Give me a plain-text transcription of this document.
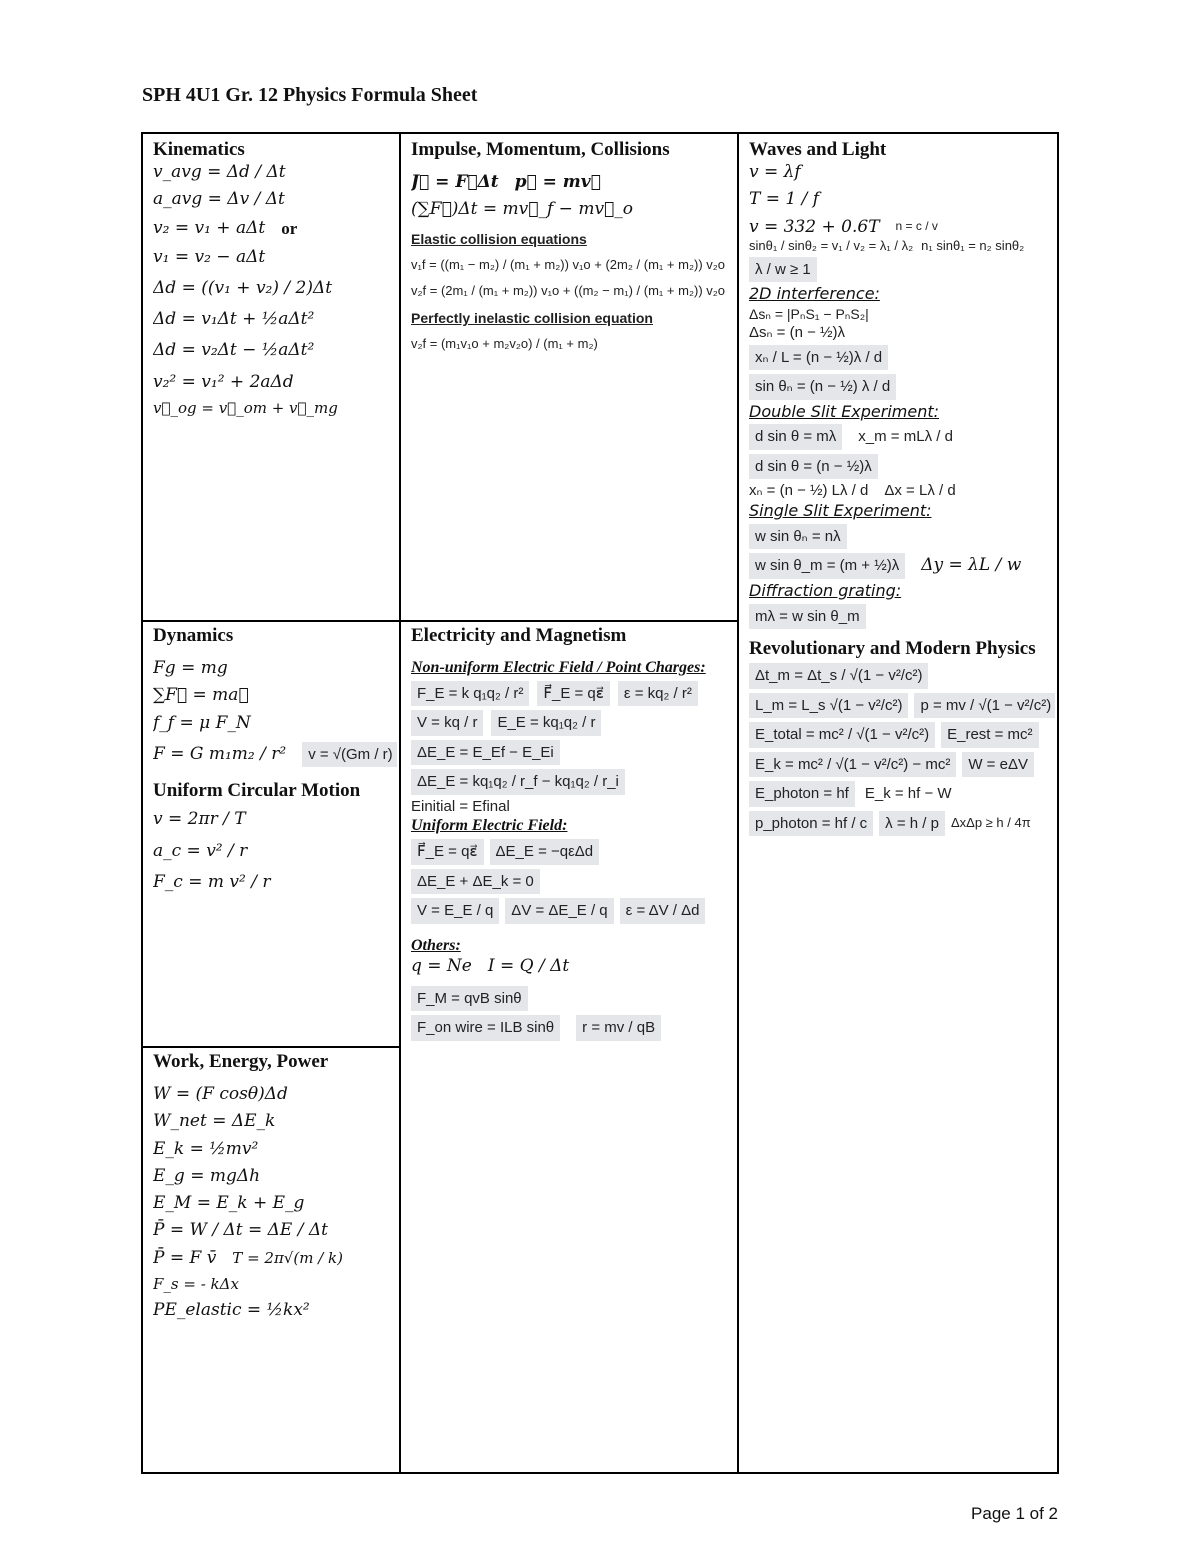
SPH 4U1 Gr. 12 Physics Formula Sheet
Kinematics
v_avg = Δd / Δt
a_avg = Δv / Δt
v₂ = v₁ + aΔt or
v₁ = v₂ − aΔt
Δd = ((v₁ + v₂) / 2)Δt
Δd = v₁Δt + ½aΔt²
Δd = v₂Δt − ½aΔt²
v₂² = v₁² + 2aΔd
v⃗_og = v⃗_om + v⃗_mg
Dynamics
Fg = mg
∑F⃗ = ma⃗
f_f = μ F_N
F = G m₁m₂ / r²	v = √(Gm / r)
Uniform Circular Motion
v = 2πr / T
a_c = v² / r
F_c = m v² / r
Work, Energy, Power
W = (F cosθ)Δd
W_net = ΔE_k
E_k = ½mv²
E_g = mgΔh
E_M = E_k + E_g
P̄ = W / Δt = ΔE / Δt
P̄ = F v̄ T = 2π√(m / k)
F_s = - kΔx
PE_elastic = ½kx²
Impulse, Momentum, Collisions
J⃗ = F⃗Δt p⃗ = mv⃗
(∑F⃗)Δt = mv⃗_f − mv⃗_o
Elastic collision equations
v₁f = ((m₁ − m₂) / (m₁ + m₂)) v₁o + (2m₂ / (m₁ + m₂)) v₂o
v₂f = (2m₁ / (m₁ + m₂)) v₁o + ((m₂ − m₁) / (m₁ + m₂)) v₂o
Perfectly inelastic collision equation
v₂f = (m₁v₁o + m₂v₂o) / (m₁ + m₂)
Electricity and Magnetism
Non-uniform Electric Field / Point Charges:
F_E = k q₁q₂ / r²	F⃗_E = qε⃗	ε = kq₂ / r²
V = kq / r	E_E = kq₁q₂ / r
ΔE_E = E_Ef − E_Ei
ΔE_E = kq₁q₂ / r_f − kq₁q₂ / r_i
Einitial = Efinal
Uniform Electric Field:
F⃗_E = qε⃗	ΔE_E = −qεΔd
ΔE_E + ΔE_k = 0
V = E_E / q	ΔV = ΔE_E / q	ε = ΔV / Δd
Others:
q = Ne I = Q / Δt
F_M = qvB sinθ
F_on wire = ILB sinθ	r = mv / qB
Waves and Light
v = λf
T = 1 / f
v = 332 + 0.6T n = c / v
sinθ₁ / sinθ₂ = v₁ / v₂ = λ₁ / λ₂ n₁ sinθ₁ = n₂ sinθ₂
λ / w ≥ 1
2D interference:
Δsₙ = |PₙS₁ − PₙS₂|
Δsₙ = (n − ½)λ
xₙ / L = (n − ½)λ / d
sin θₙ = (n − ½) λ / d
Double Slit Experiment:
d sin θ = mλ	x_m = mLλ / d
d sin θ = (n − ½)λ
xₙ = (n − ½) Lλ / d Δx = Lλ / d
Single Slit Experiment:
w sin θₙ = nλ
w sin θ_m = (m + ½)λ	Δy = λL / w
Diffraction grating:
mλ = w sin θ_m
Revolutionary and Modern Physics
Δt_m = Δt_s / √(1 − v²/c²)
L_m = L_s √(1 − v²/c²)	p = mv / √(1 − v²/c²)
E_total = mc² / √(1 − v²/c²)	E_rest = mc²
E_k = mc² / √(1 − v²/c²) − mc²	W = eΔV
E_photon = hf	E_k = hf − W
p_photon = hf / c	λ = h / p ΔxΔp ≥ h / 4π
Page 1 of 2
